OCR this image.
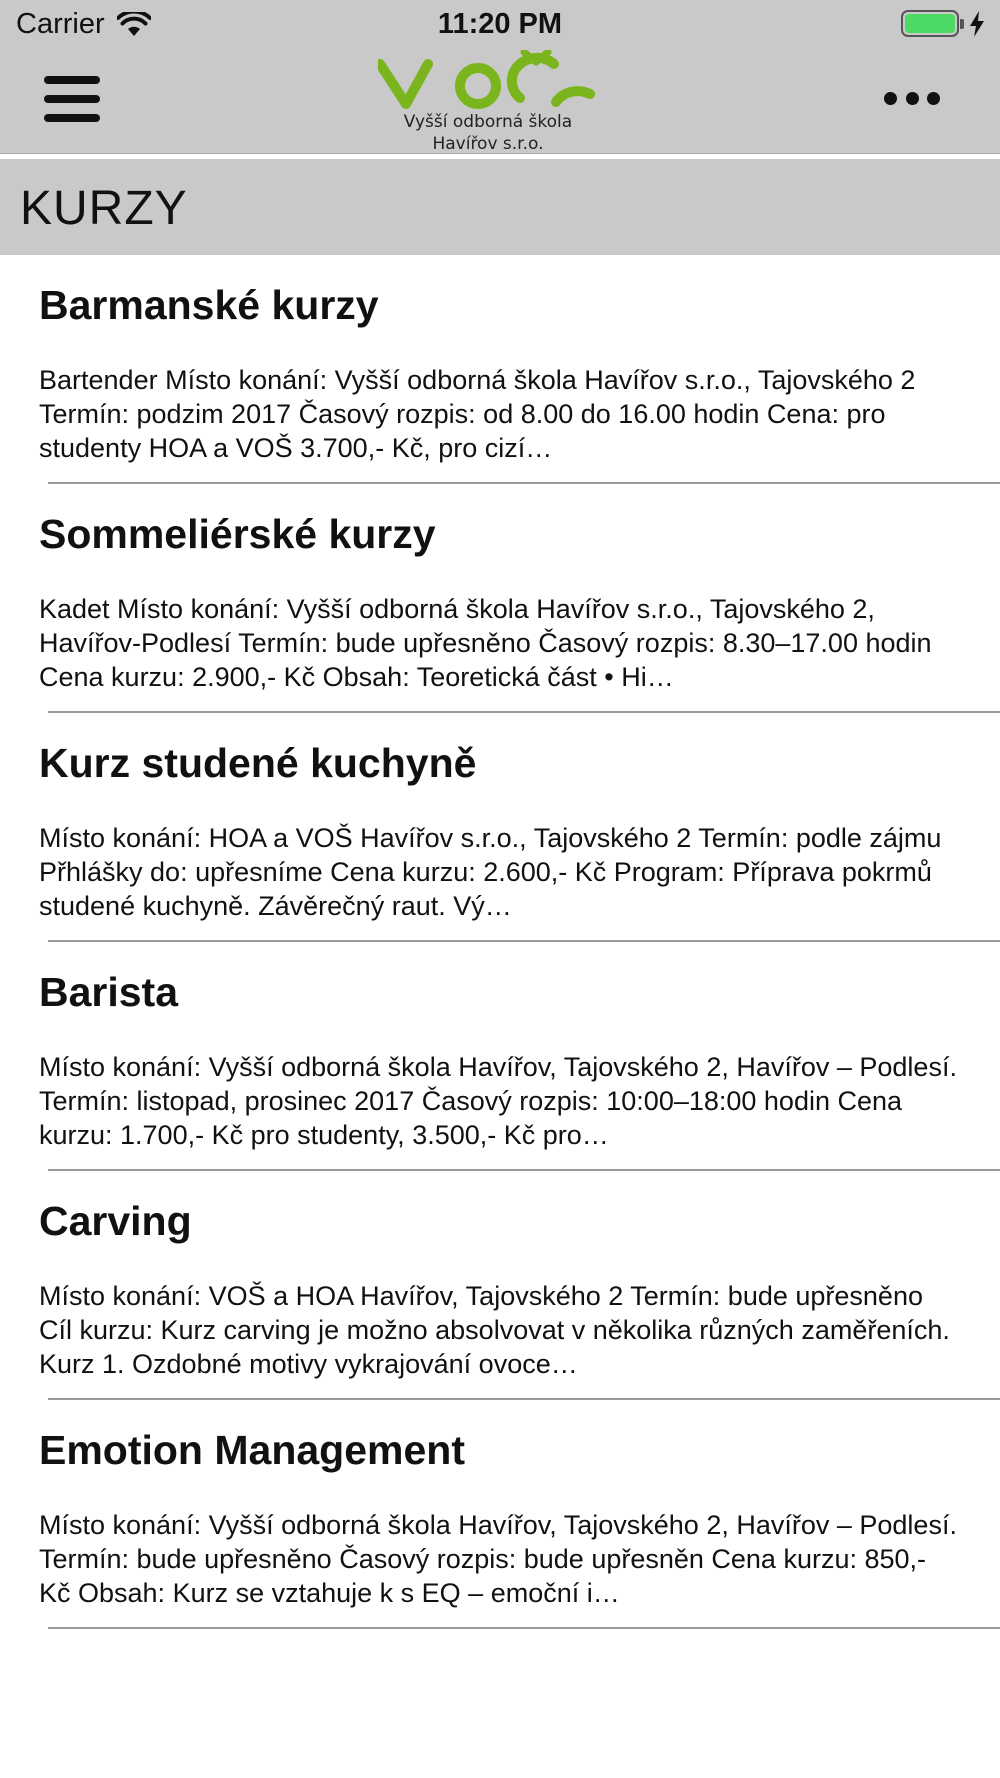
Carrier	11:20 PM
Vyšší odborná škola
Havířov s.r.o.
KURZY
Barmanské kurzy
Bartender Místo konání: Vyšší odborná škola Havířov s.r.o., Tajovského 2 Termín: podzim 2017 Časový rozpis: od 8.00 do 16.00 hodin Cena: pro studenty HOA a VOŠ 3.700,- Kč, pro cizí…
Sommeliérské kurzy
Kadet Místo konání: Vyšší odborná škola Havířov s.r.o., Tajovského 2, Havířov-Podlesí Termín: bude upřesněno Časový rozpis: 8.30–17.00 hodin Cena kurzu: 2.900,- Kč Obsah: Teoretická část • Hi…
Kurz studené kuchyně
Místo konání: HOA a VOŠ Havířov s.r.o., Tajovského 2 Termín: podle zájmu Přhlášky do: upřesníme Cena kurzu: 2.600,- Kč Program: Příprava pokrmů studené kuchyně. Závěrečný raut. Vý…
Barista
Místo konání: Vyšší odborná škola Havířov, Tajovského 2, Havířov – Podlesí. Termín: listopad, prosinec 2017 Časový rozpis: 10:00–18:00 hodin Cena kurzu: 1.700,- Kč pro studenty, 3.500,- Kč pro…
Carving
Místo konání: VOŠ a HOA Havířov, Tajovského 2 Termín: bude upřesněno Cíl kurzu: Kurz carving je možno absolvovat v několika různých zaměřeních. Kurz 1. Ozdobné motivy vykrajování ovoce…
Emotion Management
Místo konání: Vyšší odborná škola Havířov, Tajovského 2, Havířov – Podlesí. Termín: bude upřesněno Časový rozpis: bude upřesněn Cena kurzu: 850,- Kč Obsah: Kurz se vztahuje k s EQ – emoční i…
